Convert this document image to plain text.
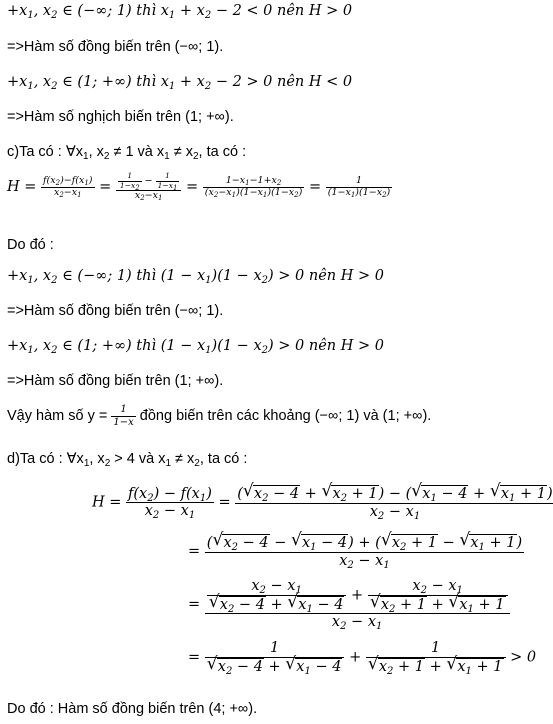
$+x_1$, $x_2$ ∈ (−∞; 1) thì $x_1 + x_2 - 2 < 0$ nên H > 0
=>Hàm số đồng biến trên (−∞; 1).
$+x_1$, $x_2$ ∈ (1; +∞) thì $x_1 + x_2 - 2 > 0$ nên H < 0
=>Hàm số nghịch biến trên (1; +∞).
c)Ta có : $\forall x_1$, $x_2 \ne 1$ và $x_1 \ne x_2$, ta có :
$H = \frac{f(x_2)-f(x_1)}{x_2-x_1} = \frac{\frac{1}{1-x_2} - \frac{1}{1-x_1}}{x_2-x_1} = \frac{1-x_1-1+x_2}{(x_2-x_1)(1-x_1)(1-x_2)} = \frac{1}{(1-x_1)(1-x_2)}$
Do đó :
$+x_1$, $x_2$ ∈ (−∞; 1) thì $(1 - x_1)(1 - x_2) > 0$ nên H > 0
=>Hàm số đồng biến trên (−∞; 1).
$+x_1$, $x_2$ ∈ (1; +∞) thì $(1 - x_1)(1 - x_2) > 0$ nên H > 0
=>Hàm số đồng biến trên (1; +∞).
Vậy hàm số $y = \frac{1}{1-x}$ đồng biến trên các khoảng (−∞; 1) và (1; +∞).
d)Ta có : $\forall x_1$, $x_2 > 4$ và $x_1 \ne x_2$, ta có :
$H = \frac{f(x_2) - f(x_1)}{x_2 - x_1} = \frac{( √ x_2 - 4 + √ x_2 + 1) - ( √ x_1 - 4 + √ x_1 + 1)}{x_2 - x_1}$
= $\frac{( √ x_2 - 4 - √ x_1 - 4) + ( √ x_2 + 1 - √ x_1 + 1)}{x_2 - x_1}$
= $x_2 - x_1$
√ $x_2 - 4$ + √ $x_1 - 4 + x_2 - x_1$
√ $x_2 + 1$ + √ $x_1 + 1$
$x_2 - x_1$
= 1
√ $x_2 - 4$ + √ $x_1 - 4 + 1$
√ $x_2 + 1$ + √ $x_1 + 1 > 0$
Do đó : Hàm số đồng biến trên (4; +∞).
